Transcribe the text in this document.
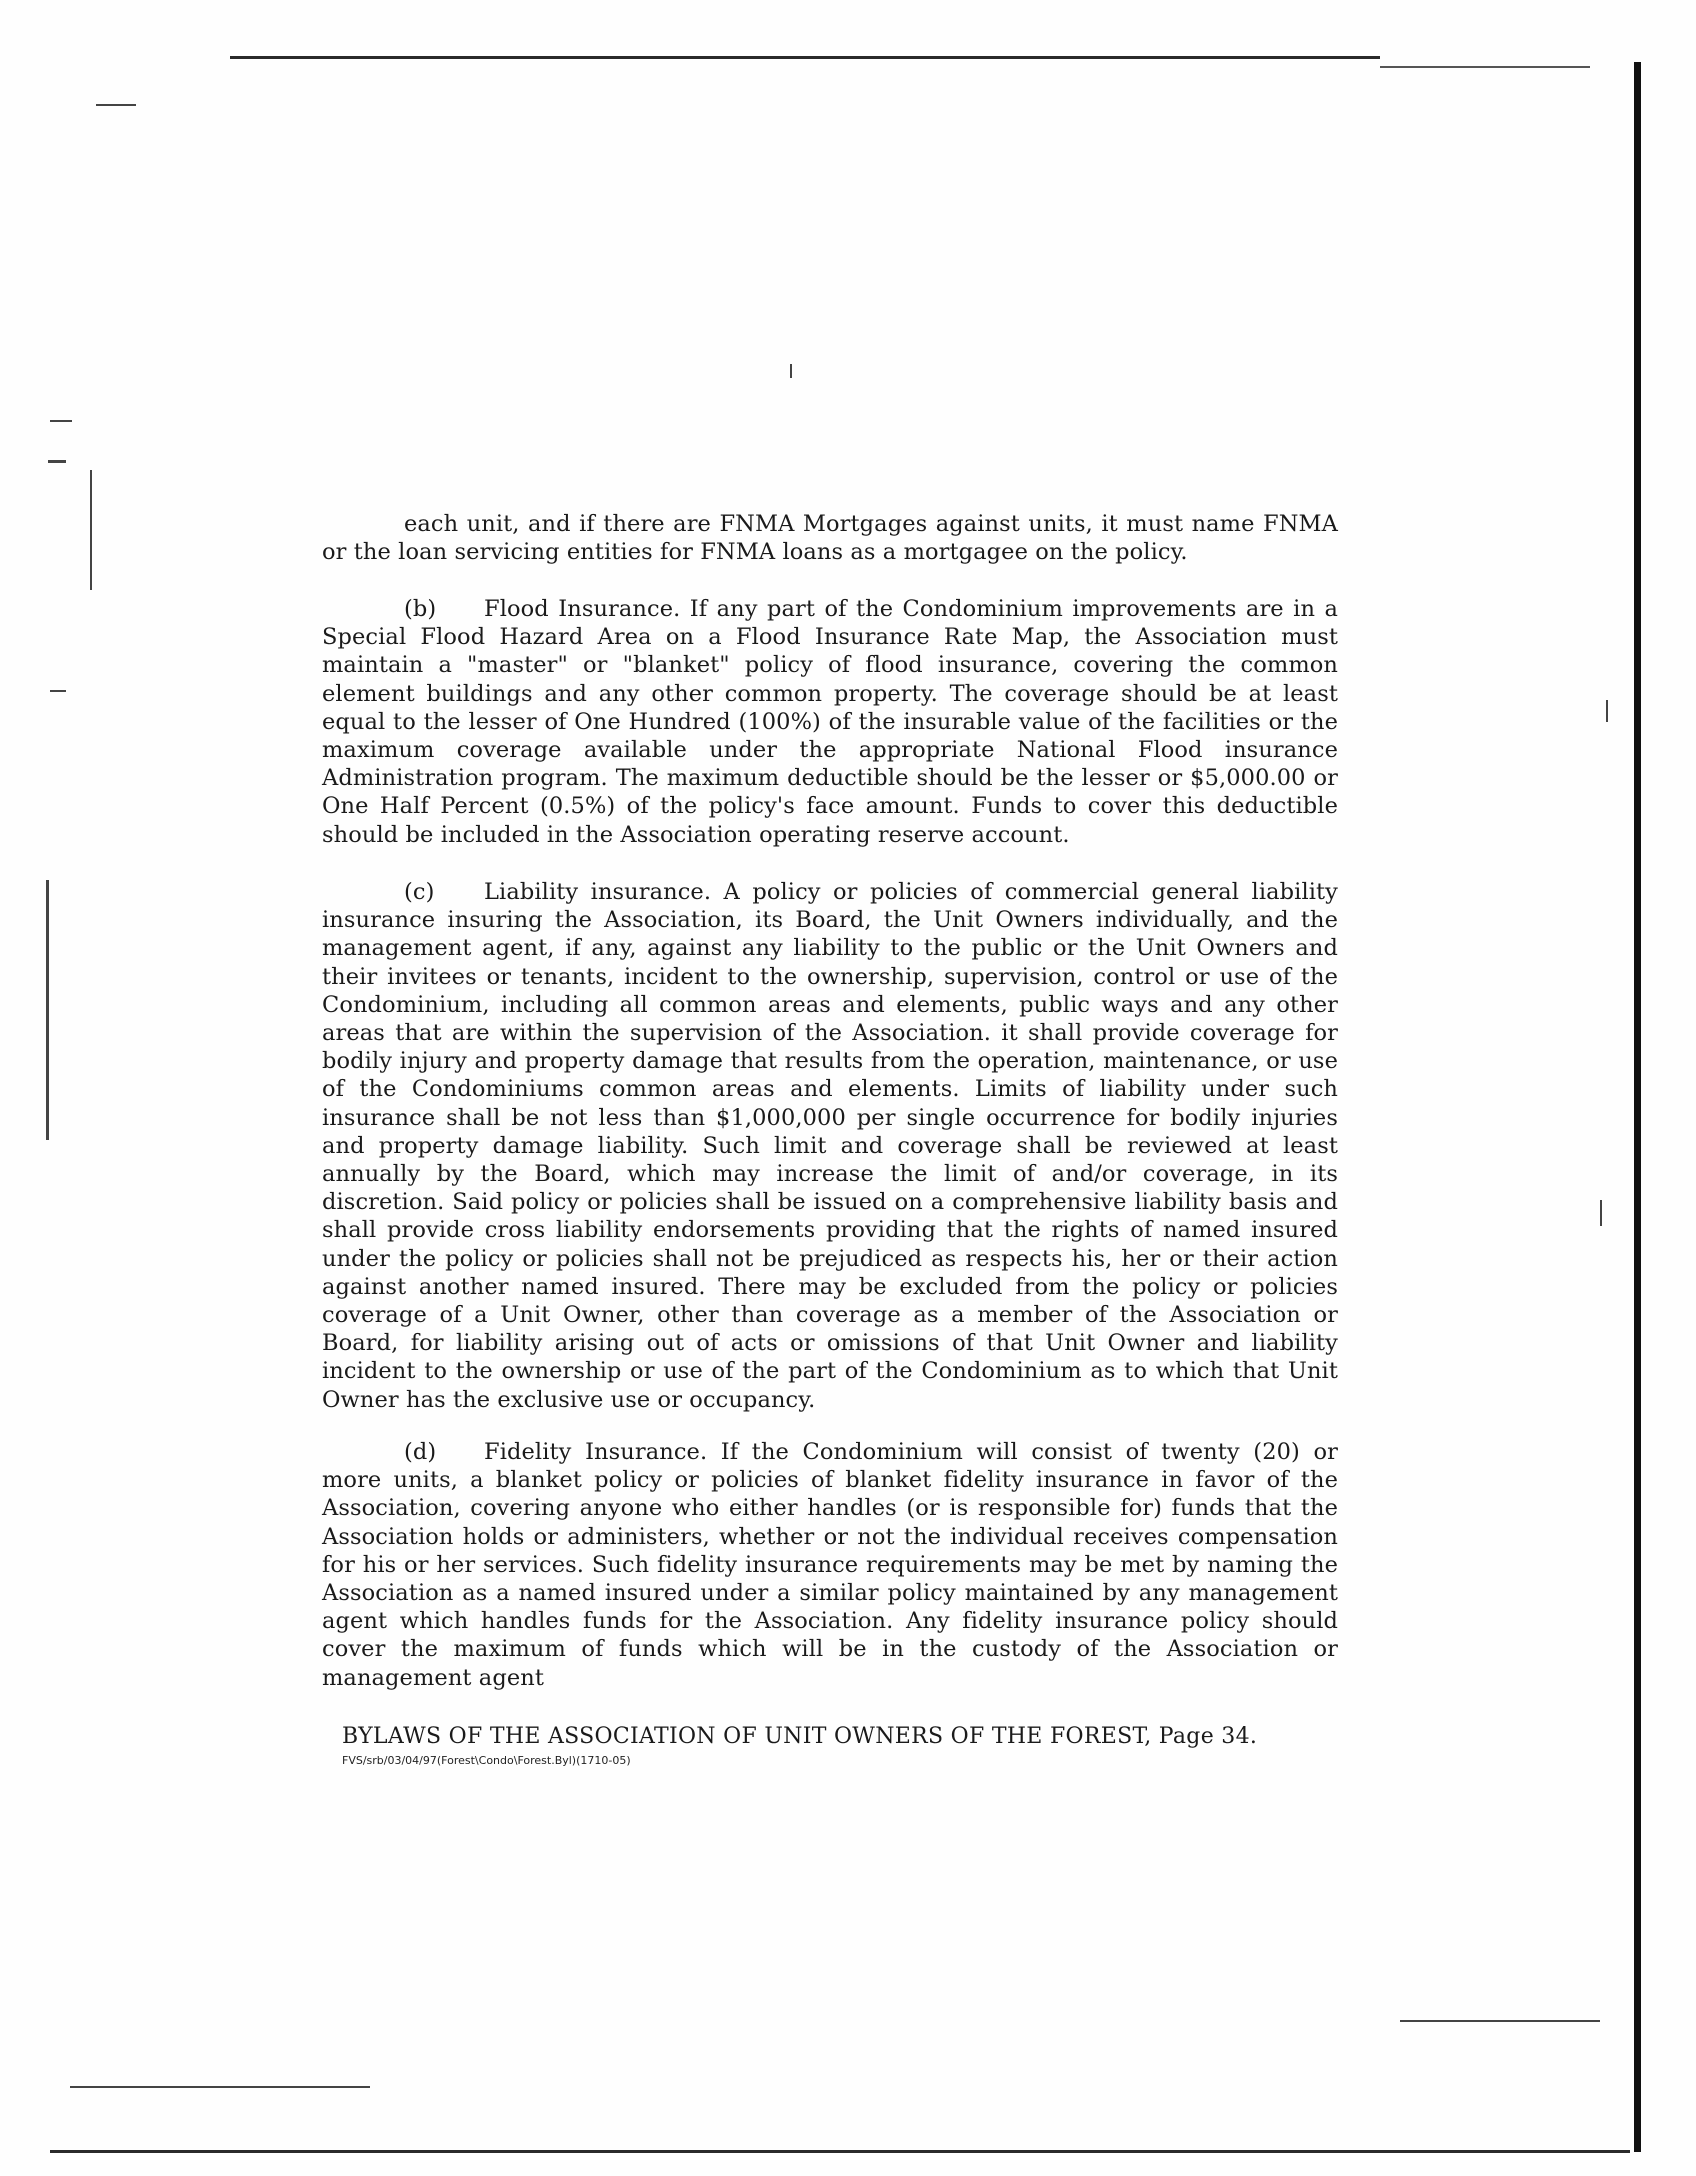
each unit, and if there are FNMA Mortgages against units, it must name FNMA or the loan servicing entities for FNMA loans as a mortgagee on the policy.

(b) Flood Insurance. If any part of the Condominium improvements are in a Special Flood Hazard Area on a Flood Insurance Rate Map, the Association must maintain a "master" or "blanket" policy of flood insurance, covering the common element buildings and any other common property. The coverage should be at least equal to the lesser of One Hundred (100%) of the insurable value of the facilities or the maximum coverage available under the appropriate National Flood insurance Administration program. The maximum deductible should be the lesser or $5,000.00 or One Half Percent (0.5%) of the policy's face amount. Funds to cover this deductible should be included in the Association operating reserve account.

(c) Liability insurance. A policy or policies of commercial general liability insurance insuring the Association, its Board, the Unit Owners individually, and the management agent, if any, against any liability to the public or the Unit Owners and their invitees or tenants, incident to the ownership, supervision, control or use of the Condominium, including all common areas and elements, public ways and any other areas that are within the supervision of the Association. it shall provide coverage for bodily injury and property damage that results from the operation, maintenance, or use of the Condominiums common areas and elements. Limits of liability under such insurance shall be not less than $1,000,000 per single occurrence for bodily injuries and property damage liability. Such limit and coverage shall be reviewed at least annually by the Board, which may increase the limit of and/or coverage, in its discretion. Said policy or policies shall be issued on a comprehensive liability basis and shall provide cross liability endorsements providing that the rights of named insured under the policy or policies shall not be prejudiced as respects his, her or their action against another named insured. There may be excluded from the policy or policies coverage of a Unit Owner, other than coverage as a member of the Association or Board, for liability arising out of acts or omissions of that Unit Owner and liability incident to the ownership or use of the part of the Condominium as to which that Unit Owner has the exclusive use or occupancy.

(d) Fidelity Insurance. If the Condominium will consist of twenty (20) or more units, a blanket policy or policies of blanket fidelity insurance in favor of the Association, covering anyone who either handles (or is responsible for) funds that the Association holds or administers, whether or not the individual receives compensation for his or her services. Such fidelity insurance requirements may be met by naming the Association as a named insured under a similar policy maintained by any management agent which handles funds for the Association. Any fidelity insurance policy should cover the maximum of funds which will be in the custody of the Association or management agent

BYLAWS OF THE ASSOCIATION OF UNIT OWNERS OF THE FOREST, Page 34.
FVS/srb/03/04/97(Forest\Condo\Forest.Byl)(1710-05)
